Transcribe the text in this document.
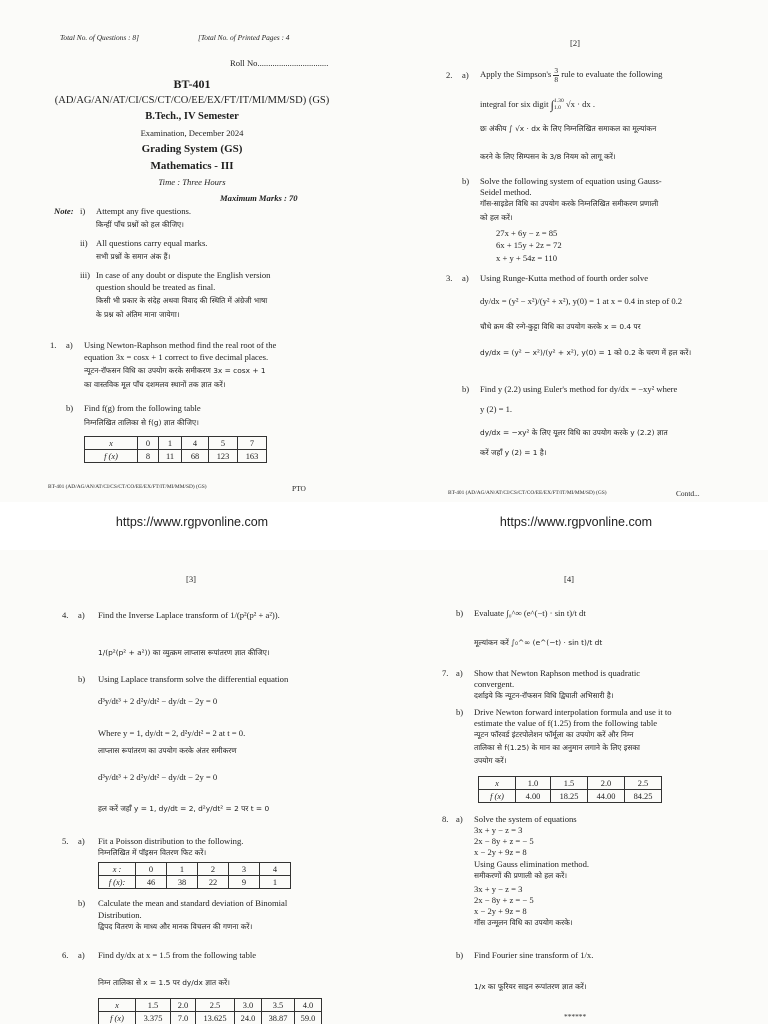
Total No. of Questions : 8]	[Total No. of Printed Pages : 4
Roll No.................................
BT-401
(AD/AG/AN/AT/CI/CS/CT/CO/EE/EX/FT/IT/MI/MM/SD) (GS)
B.Tech., IV Semester
Examination, December 2024
Grading System (GS)
Mathematics - III
Time : Three Hours
Maximum Marks : 70
Note: i) Attempt any five questions.
किन्हीं पाँच प्रश्नों को हल कीजिए।
ii) All questions carry equal marks.
सभी प्रश्नों के समान अंक हैं।
iii) In case of any doubt or dispute the English version
question should be treated as final.
किसी भी प्रकार के संदेह अथवा विवाद की स्थिति में अंग्रेजी भाषा
के प्रश्न को अंतिम माना जायेगा।
1. a) Using Newton-Raphson method find the real root of the
equation 3x = cosx + 1 correct to five decimal places.
न्यूटन-रॉफसन विधि का उपयोग करके समीकरण 3x = cosx + 1
का वास्तविक मूल पाँच दशमलव स्थानों तक ज्ञात करें।
b) Find f(g) from the following table
निम्नलिखित तालिका से f(g) ज्ञात कीजिए।
x	0	1	4	5	7
f (x)	8	11	68	123	163
BT-401 (AD/AG/AN/AT/CI/CS/CT/CO/EE/EX/FT/IT/MI/MM/SD) (GS)	PTO
[2]
2. a) Apply the Simpson's $\frac{3}{8}$ rule to evaluate the following
integral for six digit ∫ 1.30
1.0 √x · dx .
छः अंकीय ∫ √x · dx के लिए निम्नलिखित समाकल का मूल्यांकन
करने के लिए सिम्पसन के 3/8 नियम को लागू करें।
b) Solve the following system of equation using Gauss-
Seidel method.
गॉस-साइडेल विधि का उपयोग करके निम्नलिखित समीकरण प्रणाली
को हल करें।
27x + 6y − z = 85
6x + 15y + 2z = 72
x + y + 54z = 110
3. a) Using Runge-Kutta method of fourth order solve
dy/dx = (y² − x²)/(y² + x²), y(0) = 1 at x = 0.4 in step of 0.2
चौथे क्रम की रन्गे-कुट्टा विधि का उपयोग करके x = 0.4 पर
dy/dx = (y² − x²)/(y² + x²), y(0) = 1 को 0.2 के चरण में हल करें।
b) Find y (2.2) using Euler's method for dy/dx = −xy² where
y (2) = 1.
dy/dx = −xy² के लिए यूलर विधि का उपयोग करके y (2.2) ज्ञात
करें जहाँ y (2) = 1 है।
BT-401 (AD/AG/AN/AT/CI/CS/CT/CO/EE/EX/FT/IT/MI/MM/SD) (GS)	Contd...
https://www.rgpvonline.com	https://www.rgpvonline.com
[3]
4. a) Find the Inverse Laplace transform of 1/(p²(p² + a²)).
1/(p²(p² + a²)) का व्युत्क्रम लाप्लास रूपांतरण ज्ञात कीजिए।
b) Using Laplace transform solve the differential equation
d³y/dt³ + 2 d²y/dt² − dy/dt − 2y = 0
Where y = 1, dy/dt = 2, d²y/dt² = 2 at t = 0.
लाप्लास रूपांतरण का उपयोग करके अंतर समीकरण
d³y/dt³ + 2 d²y/dt² − dy/dt − 2y = 0
हल करें जहाँ y = 1, dy/dt = 2, d²y/dt² = 2 पर t = 0
5. a) Fit a Poisson distribution to the following.
निम्नलिखित में पॉइसन वितरण फिट करें।
x :	0	1	2	3	4
f (x):	46	38	22	9	1
b) Calculate the mean and standard deviation of Binomial
Distribution.
द्विपद वितरण के माध्य और मानक विचलन की गणना करें।
6. a) Find dy/dx at x = 1.5 from the following table
निम्न तालिका से x = 1.5 पर dy/dx ज्ञात करें।
x	1.5	2.0	2.5	3.0	3.5	4.0
f (x)	3.375	7.0	13.625	24.0	38.87	59.0
[4]
b) Evaluate ∫₀^∞ (e^(−t) · sin t)/t dt
मूल्यांकन करें ∫₀^∞ (e^(−t) · sin t)/t dt
7. a) Show that Newton Raphson method is quadratic
convergent.
दर्शाइये कि न्यूटन-रॉफसन विधि द्विघाती अभिसारी है।
b) Drive Newton forward interpolation formula and use it to
estimate the value of f(1.25) from the following table
न्यूटन फॉरवर्ड इंटरपोलेशन फॉर्मूला का उपयोग करें और निम्न
तालिका से f(1.25) के मान का अनुमान लगाने के लिए इसका
उपयोग करें।
x	1.0	1.5	2.0	2.5
f (x)	4.00	18.25	44.00	84.25
8. a) Solve the system of equations
3x + y − z = 3
2x − 8y + z = − 5
x − 2y + 9z = 8
Using Gauss elimination method.
समीकरणों की प्रणाली को हल करें।
3x + y − z = 3
2x − 8y + z = − 5
x − 2y + 9z = 8
गॉस उन्मूलन विधि का उपयोग करके।
b) Find Fourier sine transform of 1/x.
1/x का फूरियर साइन रूपांतरण ज्ञात करें।
******
